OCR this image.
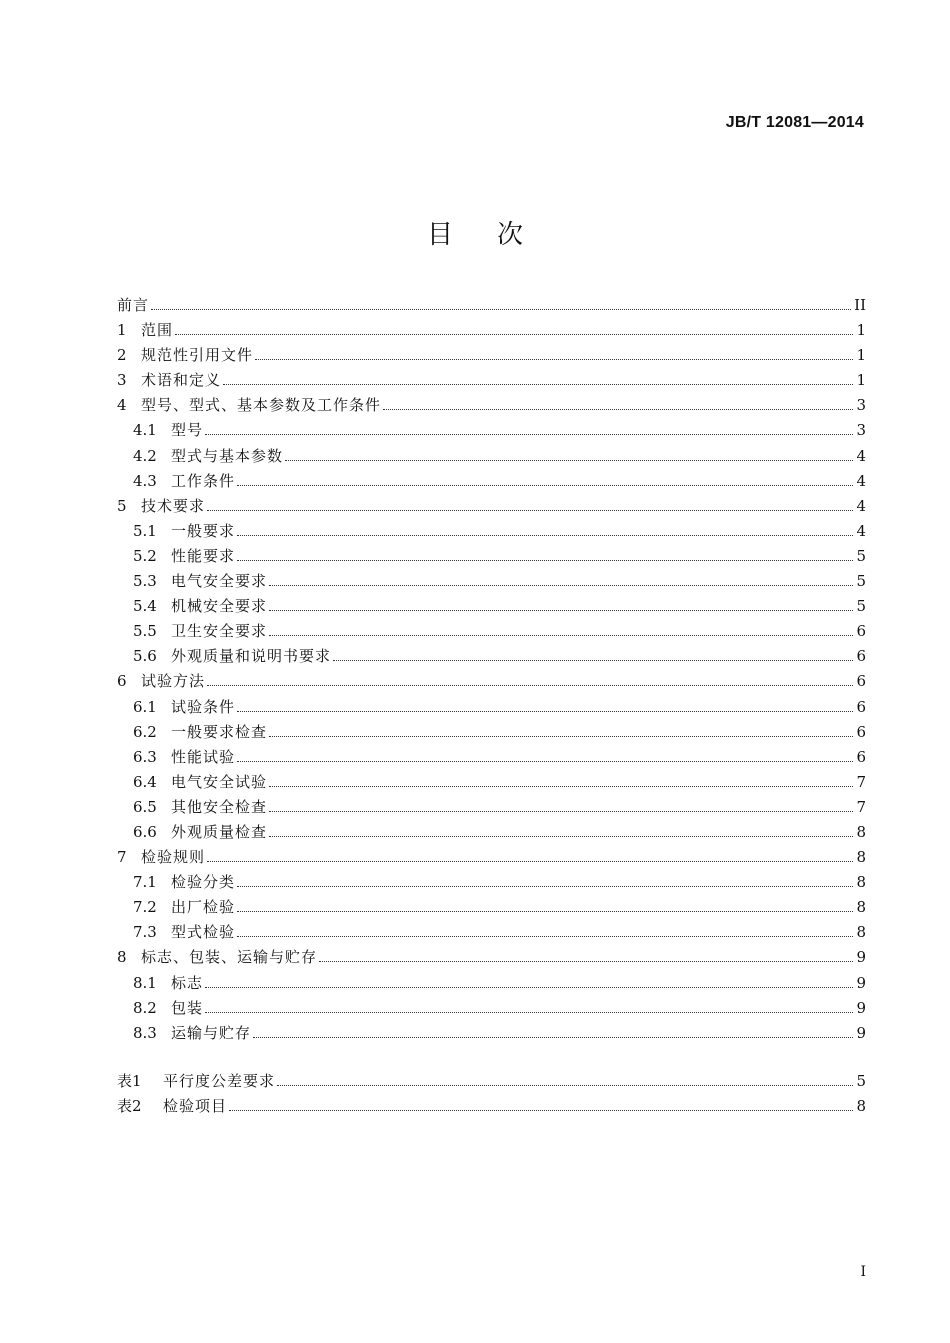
JB/T 12081—2014
目次
前言	II
1 范围	1
2 规范性引用文件	1
3 术语和定义	1
4 型号、型式、基本参数及工作条件	3
4.1 型号	3
4.2 型式与基本参数	4
4.3 工作条件	4
5 技术要求	4
5.1 一般要求	4
5.2 性能要求	5
5.3 电气安全要求	5
5.4 机械安全要求	5
5.5 卫生安全要求	6
5.6 外观质量和说明书要求	6
6 试验方法	6
6.1 试验条件	6
6.2 一般要求检查	6
6.3 性能试验	6
6.4 电气安全试验	7
6.5 其他安全检查	7
6.6 外观质量检查	8
7 检验规则	8
7.1 检验分类	8
7.2 出厂检验	8
7.3 型式检验	8
8 标志、包装、运输与贮存	9
8.1 标志	9
8.2 包装	9
8.3 运输与贮存	9
表1	平行度公差要求	5
表2	检验项目	8
I
